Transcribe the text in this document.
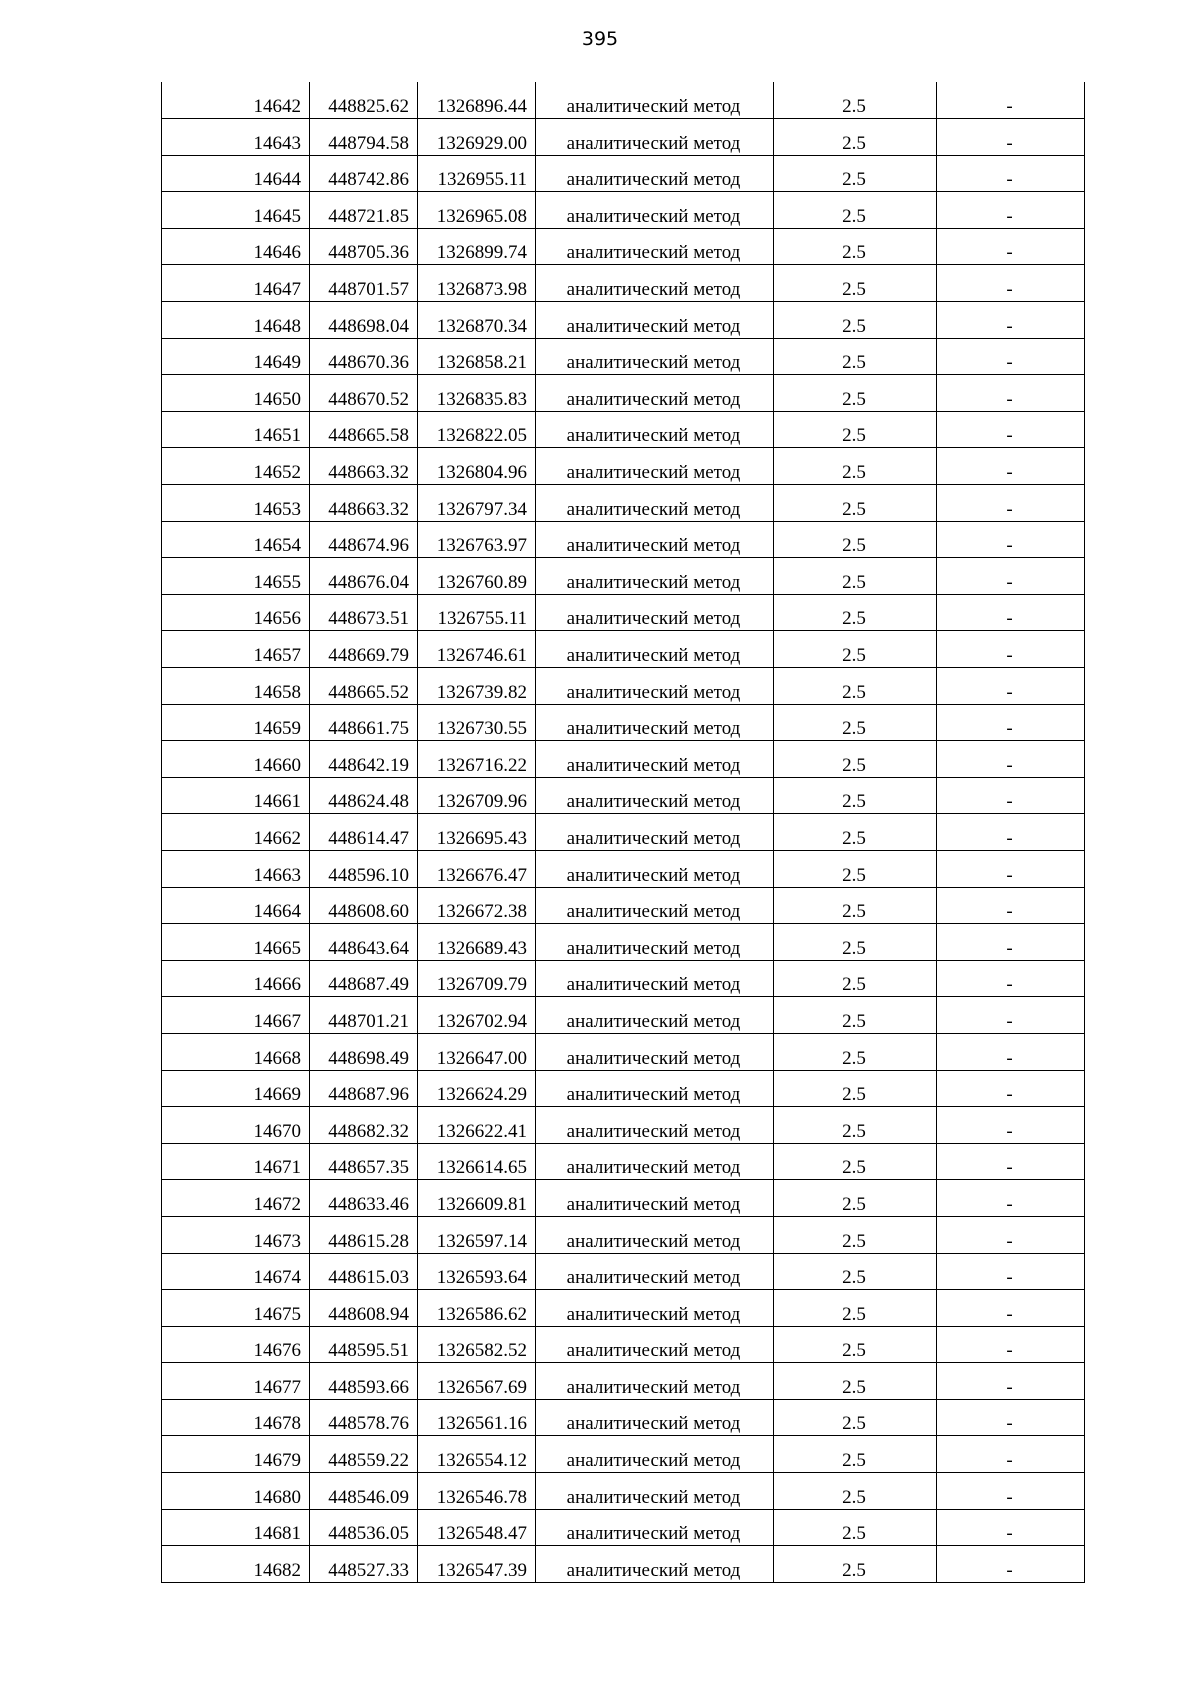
395
14642	448825.62	1326896.44	аналитический метод	2.5	-
14643	448794.58	1326929.00	аналитический метод	2.5	-
14644	448742.86	1326955.11	аналитический метод	2.5	-
14645	448721.85	1326965.08	аналитический метод	2.5	-
14646	448705.36	1326899.74	аналитический метод	2.5	-
14647	448701.57	1326873.98	аналитический метод	2.5	-
14648	448698.04	1326870.34	аналитический метод	2.5	-
14649	448670.36	1326858.21	аналитический метод	2.5	-
14650	448670.52	1326835.83	аналитический метод	2.5	-
14651	448665.58	1326822.05	аналитический метод	2.5	-
14652	448663.32	1326804.96	аналитический метод	2.5	-
14653	448663.32	1326797.34	аналитический метод	2.5	-
14654	448674.96	1326763.97	аналитический метод	2.5	-
14655	448676.04	1326760.89	аналитический метод	2.5	-
14656	448673.51	1326755.11	аналитический метод	2.5	-
14657	448669.79	1326746.61	аналитический метод	2.5	-
14658	448665.52	1326739.82	аналитический метод	2.5	-
14659	448661.75	1326730.55	аналитический метод	2.5	-
14660	448642.19	1326716.22	аналитический метод	2.5	-
14661	448624.48	1326709.96	аналитический метод	2.5	-
14662	448614.47	1326695.43	аналитический метод	2.5	-
14663	448596.10	1326676.47	аналитический метод	2.5	-
14664	448608.60	1326672.38	аналитический метод	2.5	-
14665	448643.64	1326689.43	аналитический метод	2.5	-
14666	448687.49	1326709.79	аналитический метод	2.5	-
14667	448701.21	1326702.94	аналитический метод	2.5	-
14668	448698.49	1326647.00	аналитический метод	2.5	-
14669	448687.96	1326624.29	аналитический метод	2.5	-
14670	448682.32	1326622.41	аналитический метод	2.5	-
14671	448657.35	1326614.65	аналитический метод	2.5	-
14672	448633.46	1326609.81	аналитический метод	2.5	-
14673	448615.28	1326597.14	аналитический метод	2.5	-
14674	448615.03	1326593.64	аналитический метод	2.5	-
14675	448608.94	1326586.62	аналитический метод	2.5	-
14676	448595.51	1326582.52	аналитический метод	2.5	-
14677	448593.66	1326567.69	аналитический метод	2.5	-
14678	448578.76	1326561.16	аналитический метод	2.5	-
14679	448559.22	1326554.12	аналитический метод	2.5	-
14680	448546.09	1326546.78	аналитический метод	2.5	-
14681	448536.05	1326548.47	аналитический метод	2.5	-
14682	448527.33	1326547.39	аналитический метод	2.5	-
